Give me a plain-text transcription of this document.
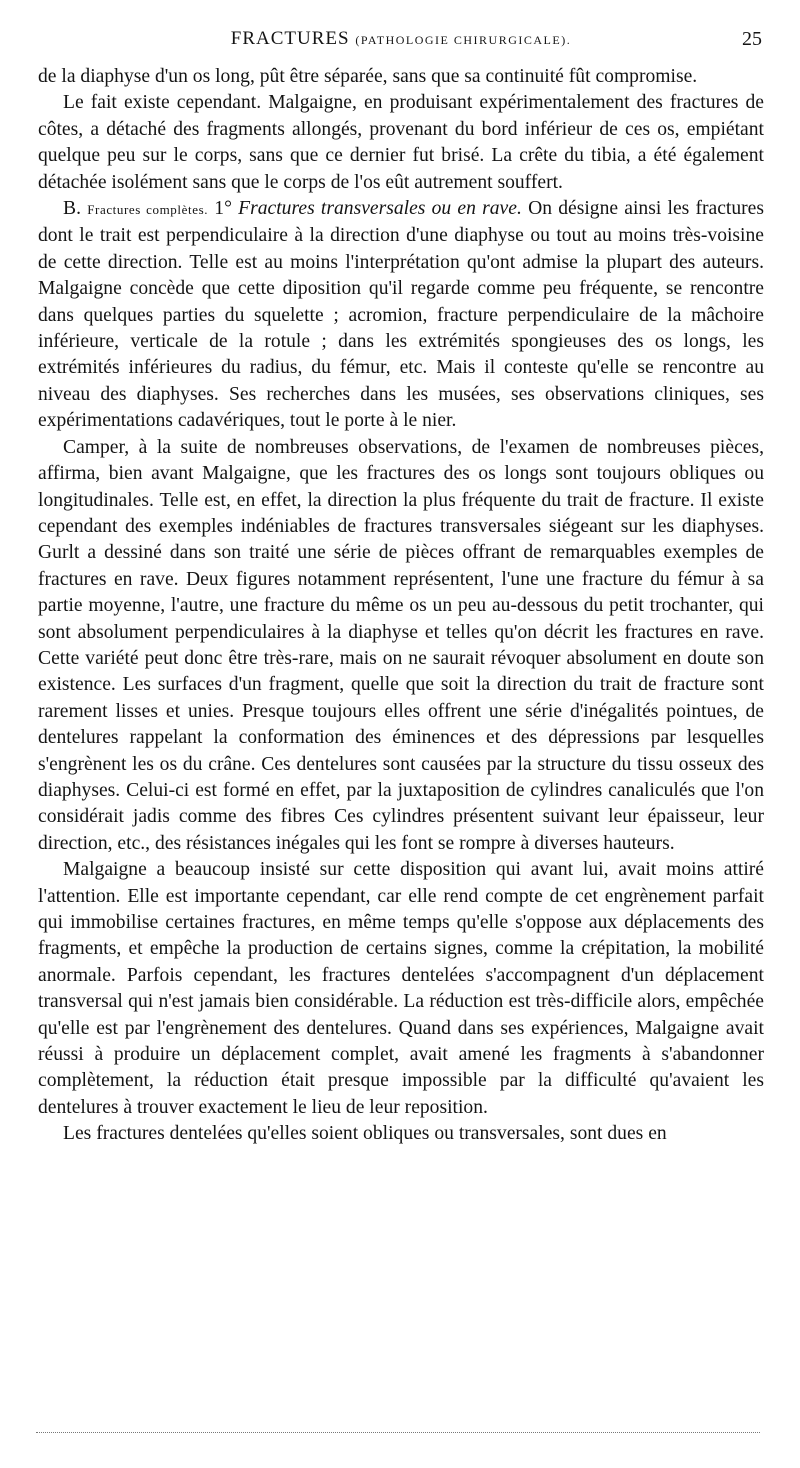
FRACTURES (PATHOLOGIE CHIRURGICALE).	25

de la diaphyse d'un os long, pût être séparée, sans que sa continuité fût compromise.

Le fait existe cependant. Malgaigne, en produisant expérimentalement des fractures de côtes, a détaché des fragments allongés, provenant du bord inférieur de ces os, empiétant quelque peu sur le corps, sans que ce dernier fut brisé. La crête du tibia, a été également détachée isolément sans que le corps de l'os eût autrement souffert.

B. Fractures complètes. 1° Fractures transversales ou en rave. On désigne ainsi les fractures dont le trait est perpendiculaire à la direction d'une diaphyse ou tout au moins très-voisine de cette direction. Telle est au moins l'interprétation qu'ont admise la plupart des auteurs. Malgaigne concède que cette diposition qu'il regarde comme peu fréquente, se rencontre dans quelques parties du squelette ; acromion, fracture perpendiculaire de la mâchoire inférieure, verticale de la rotule ; dans les extrémités spongieuses des os longs, les extrémités inférieures du radius, du fémur, etc. Mais il conteste qu'elle se rencontre au niveau des diaphyses. Ses recherches dans les musées, ses observations cliniques, ses expérimentations cadavériques, tout le porte à le nier.

Camper, à la suite de nombreuses observations, de l'examen de nombreuses pièces, affirma, bien avant Malgaigne, que les fractures des os longs sont toujours obliques ou longitudinales. Telle est, en effet, la direction la plus fréquente du trait de fracture. Il existe cependant des exemples indéniables de fractures transversales siégeant sur les diaphyses. Gurlt a dessiné dans son traité une série de pièces offrant de remarquables exemples de fractures en rave. Deux figures notamment représentent, l'une une fracture du fémur à sa partie moyenne, l'autre, une fracture du même os un peu au-dessous du petit trochanter, qui sont absolument perpendiculaires à la diaphyse et telles qu'on décrit les fractures en rave. Cette variété peut donc être très-rare, mais on ne saurait révoquer absolument en doute son existence. Les surfaces d'un fragment, quelle que soit la direction du trait de fracture sont rarement lisses et unies. Presque toujours elles offrent une série d'inégalités pointues, de dentelures rappelant la conformation des éminences et des dépressions par lesquelles s'engrènent les os du crâne. Ces dentelures sont causées par la structure du tissu osseux des diaphyses. Celui-ci est formé en effet, par la juxtaposition de cylindres canaliculés que l'on considérait jadis comme des fibres Ces cylindres présentent suivant leur épaisseur, leur direction, etc., des résistances inégales qui les font se rompre à diverses hauteurs.

Malgaigne a beaucoup insisté sur cette disposition qui avant lui, avait moins attiré l'attention. Elle est importante cependant, car elle rend compte de cet engrènement parfait qui immobilise certaines fractures, en même temps qu'elle s'oppose aux déplacements des fragments, et empêche la production de certains signes, comme la crépitation, la mobilité anormale. Parfois cependant, les fractures dentelées s'accompagnent d'un déplacement transversal qui n'est jamais bien considérable. La réduction est très-difficile alors, empêchée qu'elle est par l'engrènement des dentelures. Quand dans ses expériences, Malgaigne avait réussi à produire un déplacement complet, avait amené les fragments à s'abandonner complètement, la réduction était presque impossible par la difficulté qu'avaient les dentelures à trouver exactement le lieu de leur reposition.

Les fractures dentelées qu'elles soient obliques ou transversales, sont dues en
